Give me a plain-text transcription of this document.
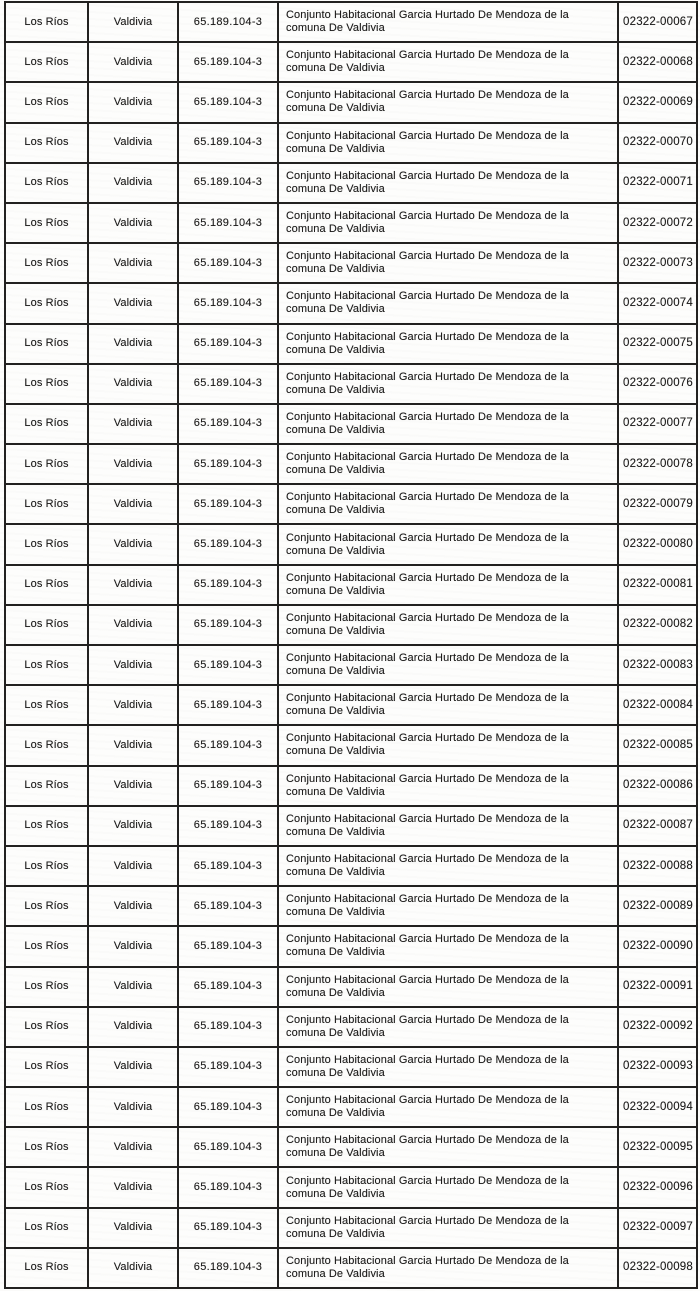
Los Ríos	Valdivia	65.189.104-3	Conjunto Habitacional Garcia Hurtado De Mendoza de la comuna De Valdivia	02322-00067
Los Ríos	Valdivia	65.189.104-3	Conjunto Habitacional Garcia Hurtado De Mendoza de la comuna De Valdivia	02322-00068
Los Ríos	Valdivia	65.189.104-3	Conjunto Habitacional Garcia Hurtado De Mendoza de la comuna De Valdivia	02322-00069
Los Ríos	Valdivia	65.189.104-3	Conjunto Habitacional Garcia Hurtado De Mendoza de la comuna De Valdivia	02322-00070
Los Ríos	Valdivia	65.189.104-3	Conjunto Habitacional Garcia Hurtado De Mendoza de la comuna De Valdivia	02322-00071
Los Ríos	Valdivia	65.189.104-3	Conjunto Habitacional Garcia Hurtado De Mendoza de la comuna De Valdivia	02322-00072
Los Ríos	Valdivia	65.189.104-3	Conjunto Habitacional Garcia Hurtado De Mendoza de la comuna De Valdivia	02322-00073
Los Ríos	Valdivia	65.189.104-3	Conjunto Habitacional Garcia Hurtado De Mendoza de la comuna De Valdivia	02322-00074
Los Ríos	Valdivia	65.189.104-3	Conjunto Habitacional Garcia Hurtado De Mendoza de la comuna De Valdivia	02322-00075
Los Ríos	Valdivia	65.189.104-3	Conjunto Habitacional Garcia Hurtado De Mendoza de la comuna De Valdivia	02322-00076
Los Ríos	Valdivia	65.189.104-3	Conjunto Habitacional Garcia Hurtado De Mendoza de la comuna De Valdivia	02322-00077
Los Ríos	Valdivia	65.189.104-3	Conjunto Habitacional Garcia Hurtado De Mendoza de la comuna De Valdivia	02322-00078
Los Ríos	Valdivia	65.189.104-3	Conjunto Habitacional Garcia Hurtado De Mendoza de la comuna De Valdivia	02322-00079
Los Ríos	Valdivia	65.189.104-3	Conjunto Habitacional Garcia Hurtado De Mendoza de la comuna De Valdivia	02322-00080
Los Ríos	Valdivia	65.189.104-3	Conjunto Habitacional Garcia Hurtado De Mendoza de la comuna De Valdivia	02322-00081
Los Ríos	Valdivia	65.189.104-3	Conjunto Habitacional Garcia Hurtado De Mendoza de la comuna De Valdivia	02322-00082
Los Ríos	Valdivia	65.189.104-3	Conjunto Habitacional Garcia Hurtado De Mendoza de la comuna De Valdivia	02322-00083
Los Ríos	Valdivia	65.189.104-3	Conjunto Habitacional Garcia Hurtado De Mendoza de la comuna De Valdivia	02322-00084
Los Ríos	Valdivia	65.189.104-3	Conjunto Habitacional Garcia Hurtado De Mendoza de la comuna De Valdivia	02322-00085
Los Ríos	Valdivia	65.189.104-3	Conjunto Habitacional Garcia Hurtado De Mendoza de la comuna De Valdivia	02322-00086
Los Ríos	Valdivia	65.189.104-3	Conjunto Habitacional Garcia Hurtado De Mendoza de la comuna De Valdivia	02322-00087
Los Ríos	Valdivia	65.189.104-3	Conjunto Habitacional Garcia Hurtado De Mendoza de la comuna De Valdivia	02322-00088
Los Ríos	Valdivia	65.189.104-3	Conjunto Habitacional Garcia Hurtado De Mendoza de la comuna De Valdivia	02322-00089
Los Ríos	Valdivia	65.189.104-3	Conjunto Habitacional Garcia Hurtado De Mendoza de la comuna De Valdivia	02322-00090
Los Ríos	Valdivia	65.189.104-3	Conjunto Habitacional Garcia Hurtado De Mendoza de la comuna De Valdivia	02322-00091
Los Ríos	Valdivia	65.189.104-3	Conjunto Habitacional Garcia Hurtado De Mendoza de la comuna De Valdivia	02322-00092
Los Ríos	Valdivia	65.189.104-3	Conjunto Habitacional Garcia Hurtado De Mendoza de la comuna De Valdivia	02322-00093
Los Ríos	Valdivia	65.189.104-3	Conjunto Habitacional Garcia Hurtado De Mendoza de la comuna De Valdivia	02322-00094
Los Ríos	Valdivia	65.189.104-3	Conjunto Habitacional Garcia Hurtado De Mendoza de la comuna De Valdivia	02322-00095
Los Ríos	Valdivia	65.189.104-3	Conjunto Habitacional Garcia Hurtado De Mendoza de la comuna De Valdivia	02322-00096
Los Ríos	Valdivia	65.189.104-3	Conjunto Habitacional Garcia Hurtado De Mendoza de la comuna De Valdivia	02322-00097
Los Ríos	Valdivia	65.189.104-3	Conjunto Habitacional Garcia Hurtado De Mendoza de la comuna De Valdivia	02322-00098
